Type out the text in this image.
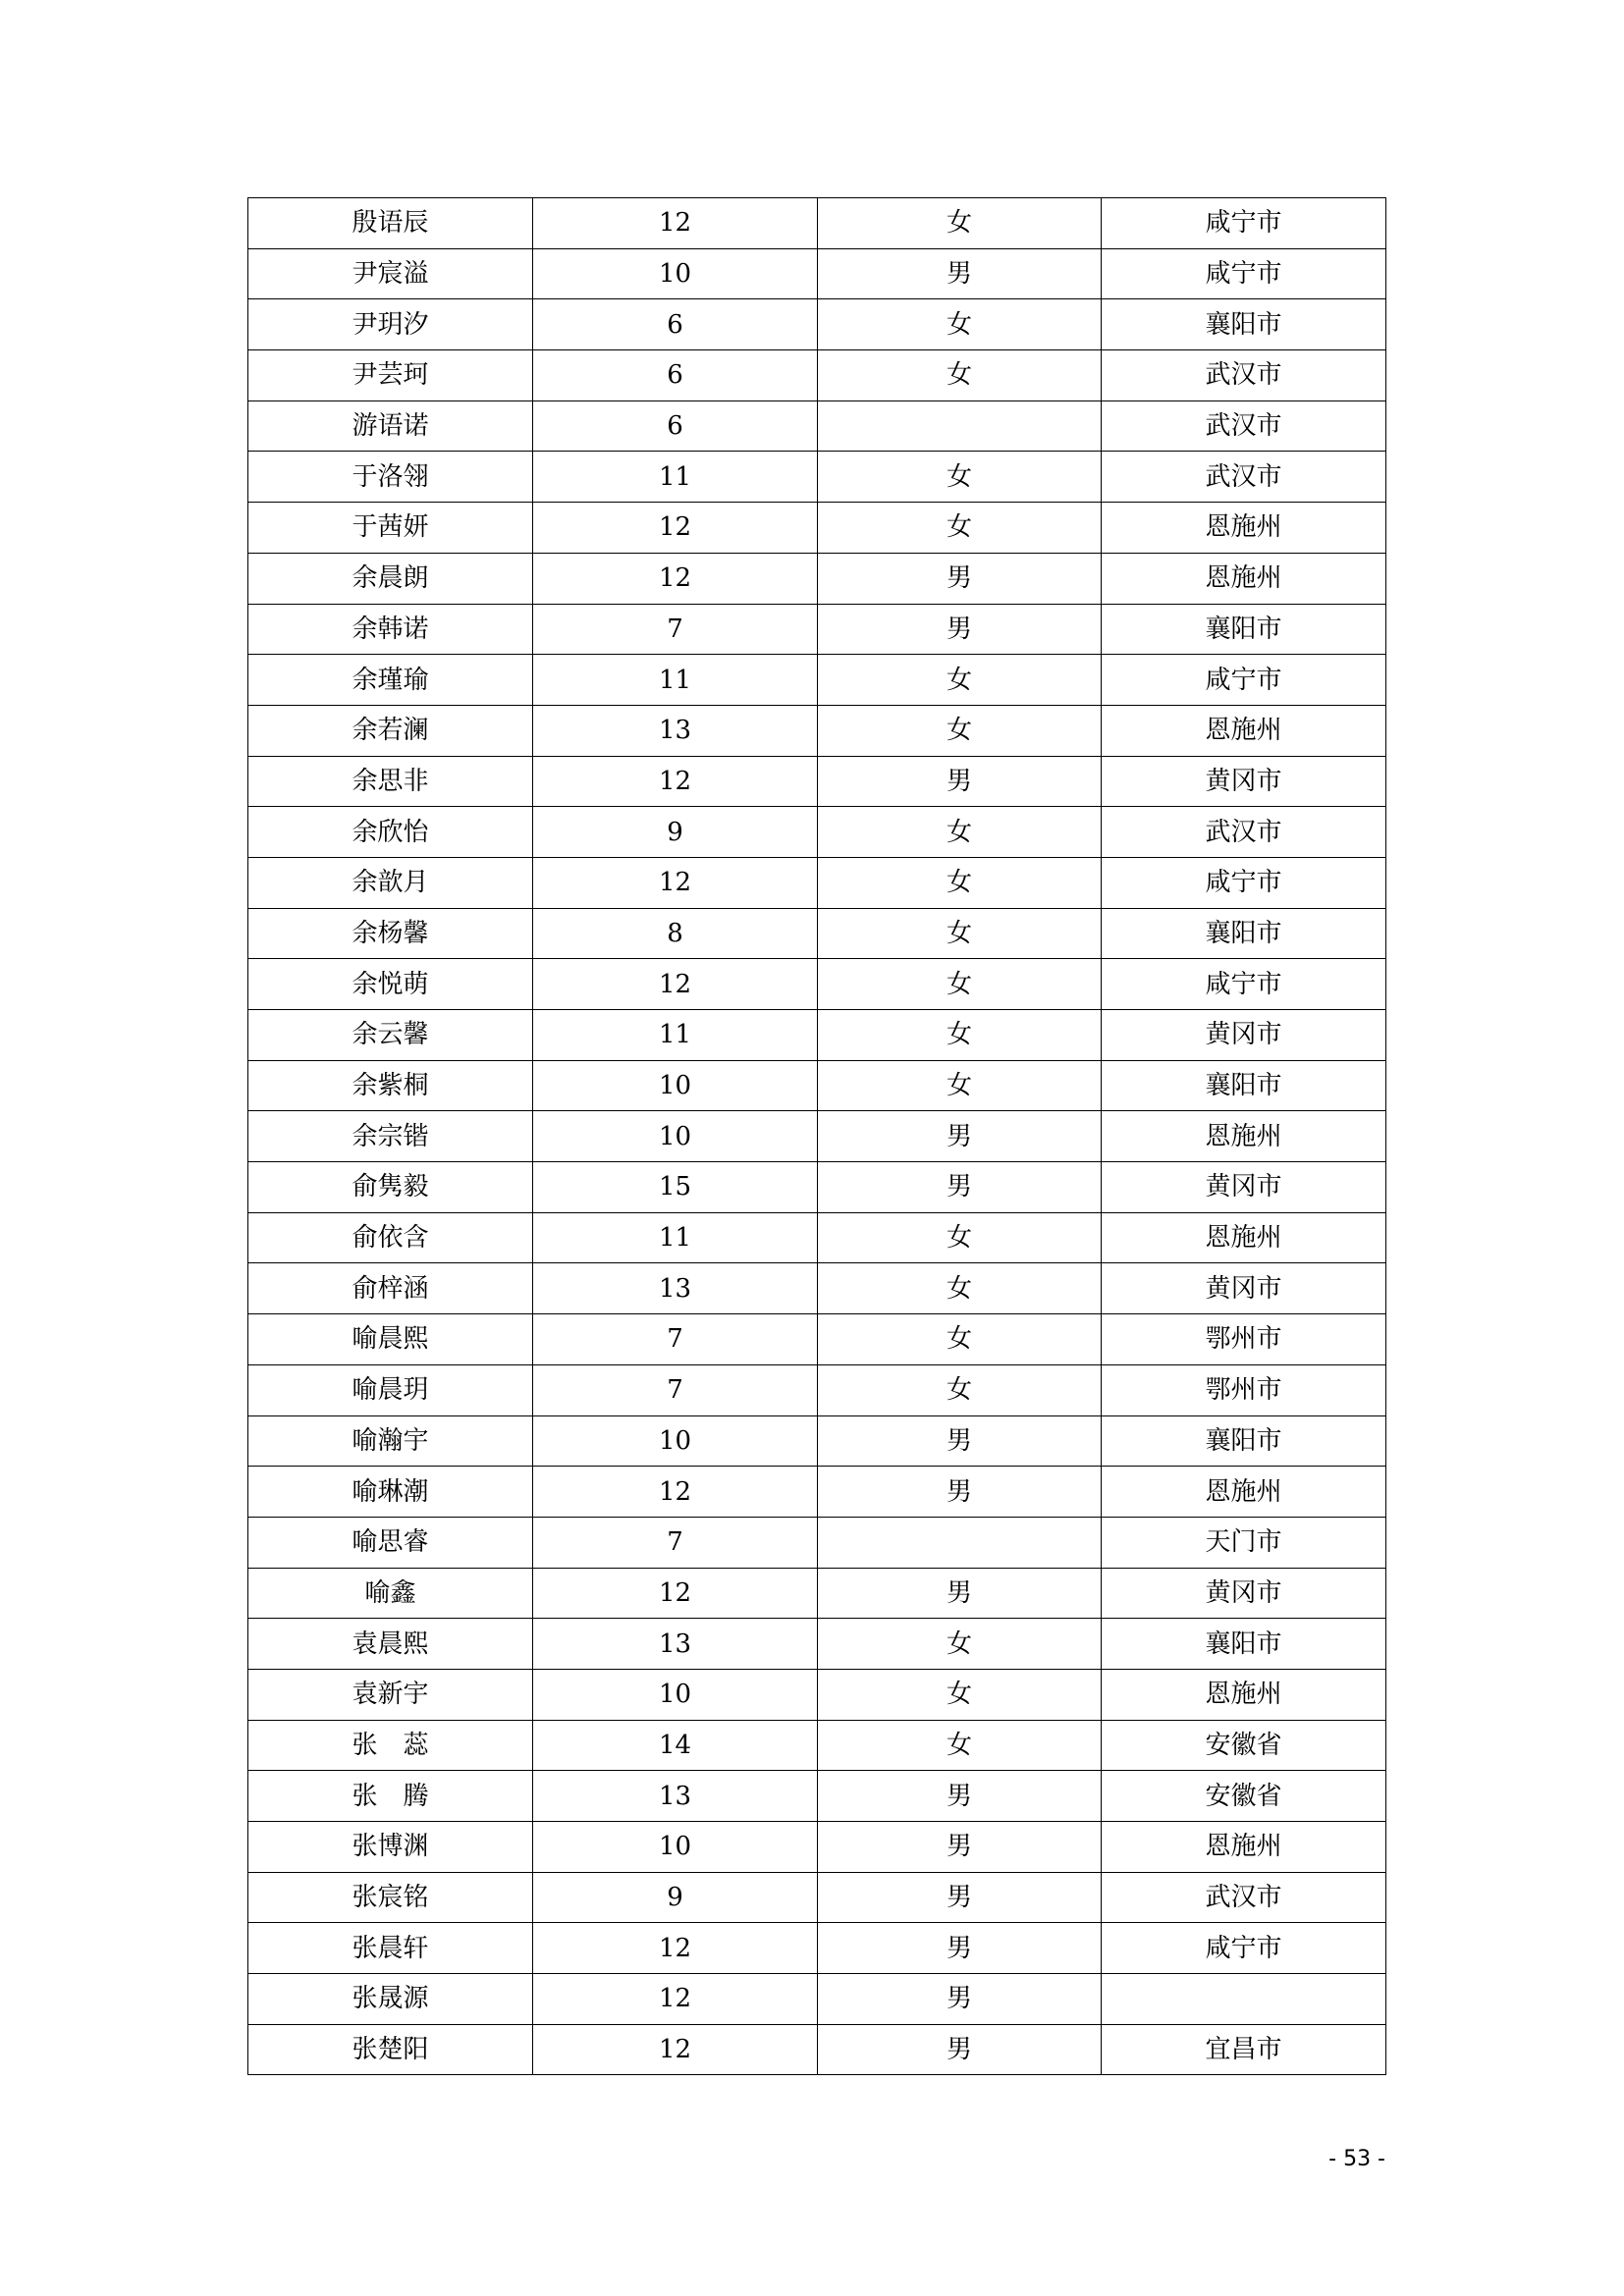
殷语辰	12	女	咸宁市
尹宸溢	10	男	咸宁市
尹玥汐	6	女	襄阳市
尹芸珂	6	女	武汉市
游语诺	6		武汉市
于洛翎	11	女	武汉市
于茜妍	12	女	恩施州
余晨朗	12	男	恩施州
余韩诺	7	男	襄阳市
余瑾瑜	11	女	咸宁市
余若澜	13	女	恩施州
余思非	12	男	黄冈市
余欣怡	9	女	武汉市
余歆月	12	女	咸宁市
余杨馨	8	女	襄阳市
余悦萌	12	女	咸宁市
余云馨	11	女	黄冈市
余紫桐	10	女	襄阳市
余宗锴	10	男	恩施州
俞隽毅	15	男	黄冈市
俞依含	11	女	恩施州
俞梓涵	13	女	黄冈市
喻晨熙	7	女	鄂州市
喻晨玥	7	女	鄂州市
喻瀚宇	10	男	襄阳市
喻琳潮	12	男	恩施州
喻思睿	7		天门市
喻鑫	12	男	黄冈市
袁晨熙	13	女	襄阳市
袁新宇	10	女	恩施州
张　蕊	14	女	安徽省
张　腾	13	男	安徽省
张博渊	10	男	恩施州
张宸铭	9	男	武汉市
张晨轩	12	男	咸宁市
张晟源	12	男	
张楚阳	12	男	宜昌市
- 53 -
